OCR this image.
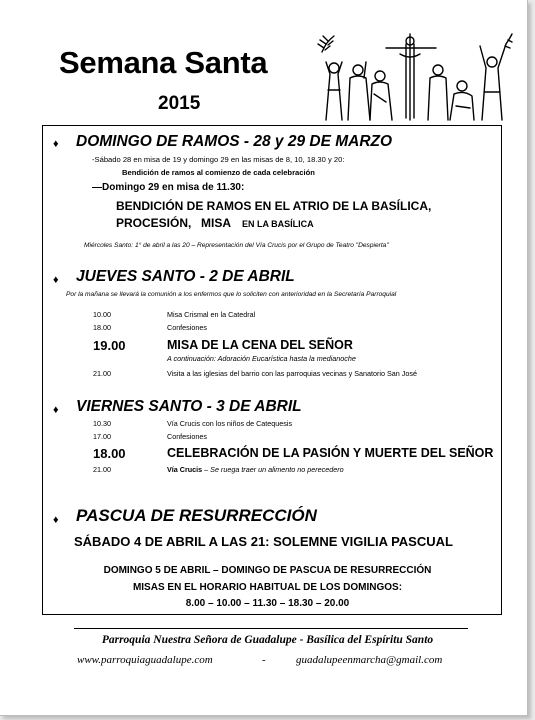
Semana Santa
2015
♦ DOMINGO DE RAMOS - 28 y 29 DE MARZO
-Sábado 28 en misa de 19 y domingo 29 en las misas de 8, 10, 18.30 y 20:
Bendición de ramos al comienzo de cada celebración
—Domingo 29 en misa de 11.30:
BENDICIÓN DE RAMOS EN EL ATRIO DE LA BASÍLICA,
PROCESIÓN, MISA EN LA BASÍLICA
Miércoles Santo: 1° de abril a las 20 – Representación del Vía Crucis por el Grupo de Teatro "Despierta"
♦ JUEVES SANTO - 2 DE ABRIL
Por la mañana se llevará la comunión a los enfermos que lo soliciten con anterioridad en la Secretaría Parroquial
10.00	Misa Crismal en la Catedral
18.00	Confesiones
19.00	MISA DE LA CENA DEL SEÑOR
A continuación: Adoración Eucarística hasta la medianoche
21.00	Visita a las iglesias del barrio con las parroquias vecinas y Sanatorio San José
♦ VIERNES SANTO - 3 DE ABRIL
10.30	Vía Crucis con los niños de Catequesis
17.00	Confesiones
18.00	CELEBRACIÓN DE LA PASIÓN Y MUERTE DEL SEÑOR
21.00	Vía Crucis – Se ruega traer un alimento no perecedero
♦ PASCUA DE RESURRECCIÓN
SÁBADO 4 DE ABRIL A LAS 21: SOLEMNE VIGILIA PASCUAL
DOMINGO 5 DE ABRIL – DOMINGO DE PASCUA DE RESURRECCIÓN
MISAS EN EL HORARIO HABITUAL DE LOS DOMINGOS:
8.00 – 10.00 – 11.30 – 18.30 – 20.00
Parroquia Nuestra Señora de Guadalupe - Basílica del Espíritu Santo
www.parroquiaguadalupe.com	-	guadalupeenmarcha@gmail.com
